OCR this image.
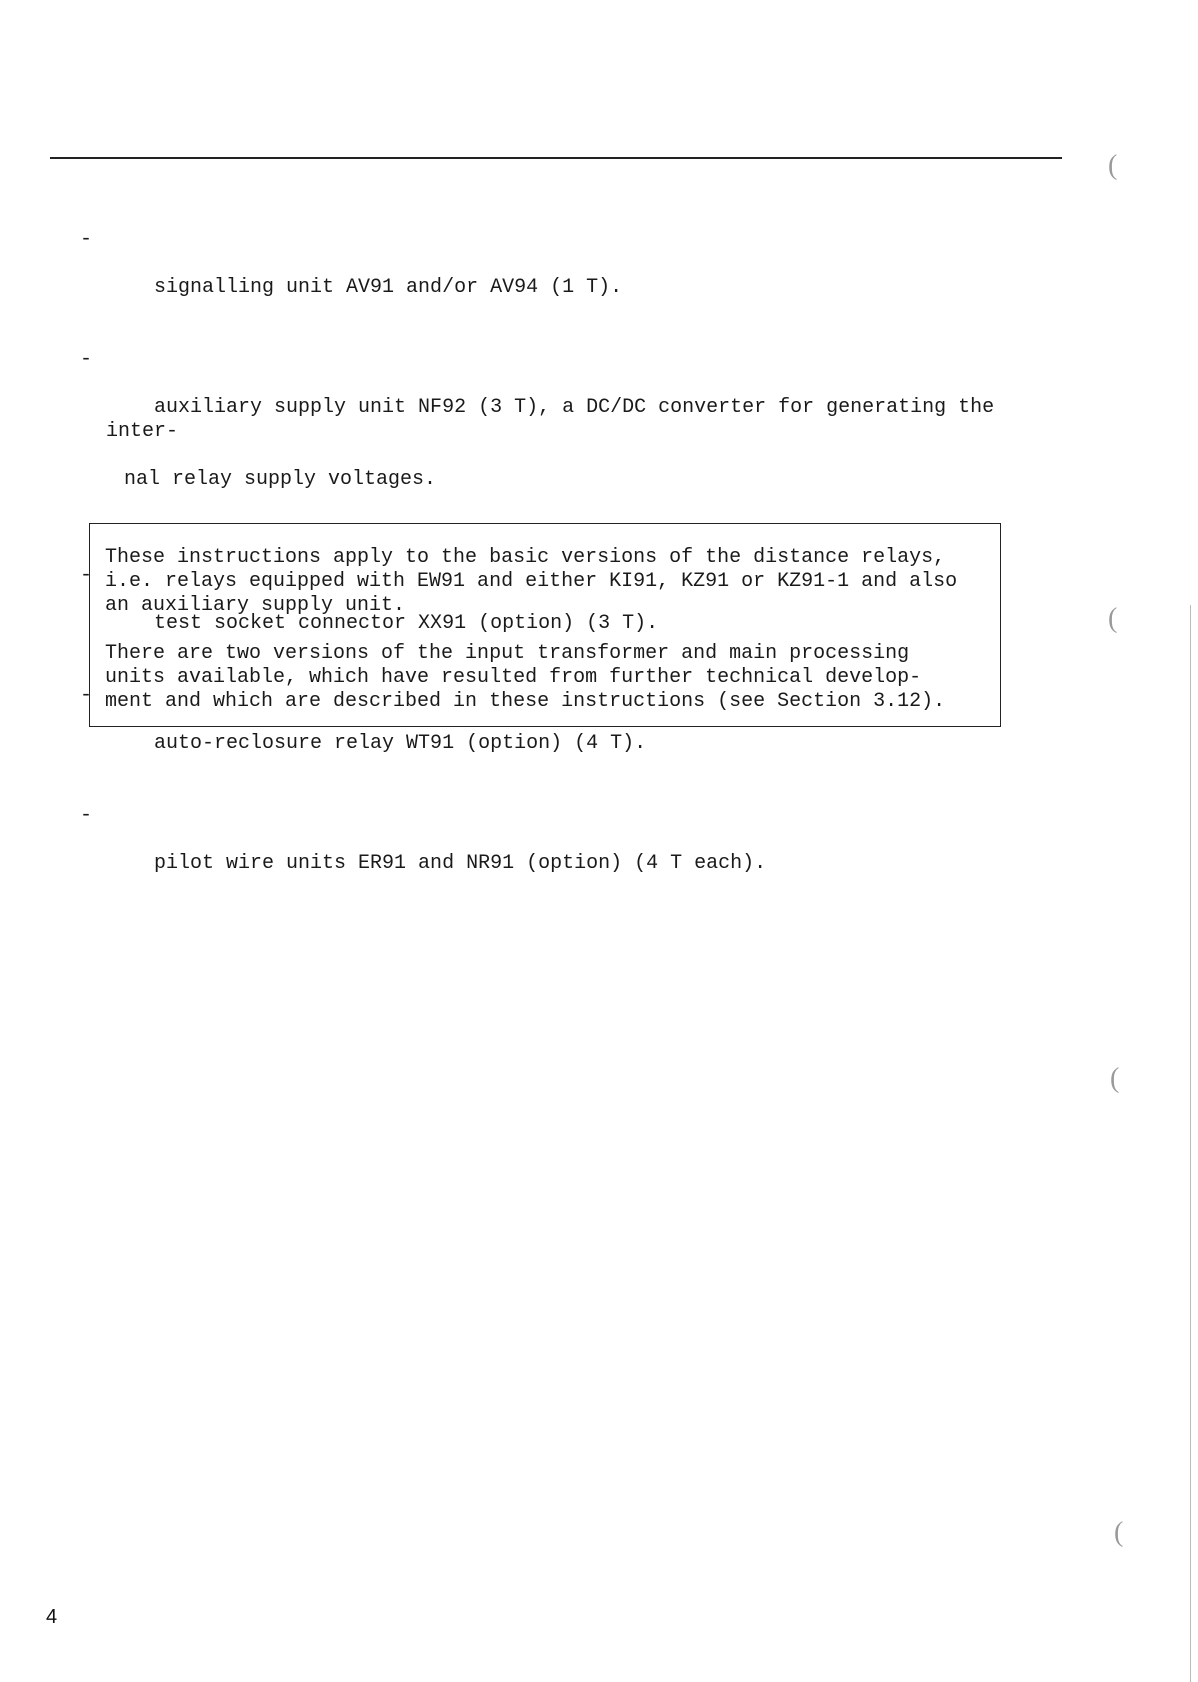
-

signalling unit AV91 and/or AV94 (1 T).

-

auxiliary supply unit NF92 (3 T), a DC/DC converter for generating the inter-

nal relay supply voltages.

-

test socket connector XX91 (option) (3 T).

-

auto-reclosure relay WT91 (option) (4 T).

-

pilot wire units ER91 and NR91 (option) (4 T each).

These instructions apply to the basic versions of the distance relays,
i.e. relays equipped with EW91 and either KI91, KZ91 or KZ91-1 and also
an auxiliary supply unit.

There are two versions of the input transformer and main processing
units available, which have resulted from further technical develop-
ment and which are described in these instructions (see Section 3.12).

(
(
(
(
4
